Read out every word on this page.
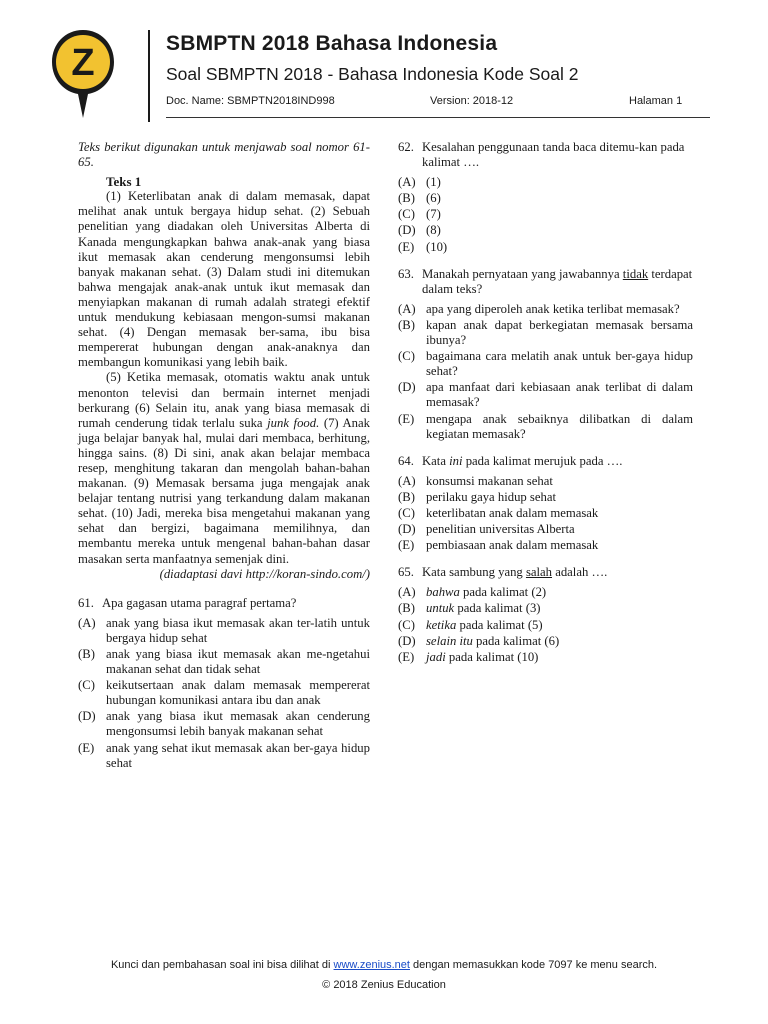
Z	SBMPTN 2018 Bahasa Indonesia
Soal SBMPTN 2018 - Bahasa Indonesia Kode Soal 2
Doc. Name: SBMPTN2018IND998	Version: 2018-12	Halaman 1

Teks berikut digunakan untuk menjawab soal nomor 61-65.

Teks 1

(1) Keterlibatan anak di dalam memasak, dapat melihat anak untuk bergaya hidup sehat. (2) Sebuah penelitian yang diadakan oleh Universitas Alberta di Kanada mengungkapkan bahwa anak-anak yang biasa ikut memasak akan cenderung mengonsumsi lebih banyak makanan sehat. (3) Dalam studi ini ditemukan bahwa mengajak anak-anak untuk ikut memasak dan menyiapkan makanan di rumah adalah strategi efektif untuk mendukung kebiasaan mengon-sumsi makanan sehat. (4) Dengan memasak ber-sama, ibu bisa mempererat hubungan dengan anak-anaknya dan membangun komunikasi yang lebih baik.

(5) Ketika memasak, otomatis waktu anak untuk menonton televisi dan bermain internet menjadi berkurang (6) Selain itu, anak yang biasa memasak di rumah cenderung tidak terlalu suka junk food. (7) Anak juga belajar banyak hal, mulai dari membaca, berhitung, hingga sains. (8) Di sini, anak akan belajar membaca resep, menghitung takaran dan mengolah bahan-bahan makanan. (9) Memasak bersama juga mengajak anak belajar tentang nutrisi yang terkandung dalam makanan sehat. (10) Jadi, mereka bisa mengetahui makanan yang sehat dan bergizi, bagaimana memilihnya, dan membantu mereka untuk mengenal bahan-bahan dasar masakan serta manfaatnya semenjak dini.

(diadaptasi davi http://koran-sindo.com/)

61. Apa gagasan utama paragraf pertama?
(A) anak yang biasa ikut memasak akan ter-latih untuk bergaya hidup sehat
(B) anak yang biasa ikut memasak akan me-ngetahui makanan sehat dan tidak sehat
(C) keikutsertaan anak dalam memasak mempererat hubungan komunikasi antara ibu dan anak
(D) anak yang biasa ikut memasak akan cenderung mengonsumsi lebih banyak makanan sehat
(E) anak yang sehat ikut memasak akan ber-gaya hidup sehat
62. Kesalahan penggunaan tanda baca ditemu-kan pada kalimat ….
(A) (1)
(B) (6)
(C) (7)
(D) (8)
(E) (10)
63. Manakah pernyataan yang jawabannya tidak terdapat dalam teks?
(A) apa yang diperoleh anak ketika terlibat memasak?
(B) kapan anak dapat berkegiatan memasak bersama ibunya?
(C) bagaimana cara melatih anak untuk ber-gaya hidup sehat?
(D) apa manfaat dari kebiasaan anak terlibat di dalam memasak?
(E) mengapa anak sebaiknya dilibatkan di dalam kegiatan memasak?
64. Kata ini pada kalimat merujuk pada ….
(A) konsumsi makanan sehat
(B) perilaku gaya hidup sehat
(C) keterlibatan anak dalam memasak
(D) penelitian universitas Alberta
(E) pembiasaan anak dalam memasak
65. Kata sambung yang salah adalah ….
(A) bahwa pada kalimat (2)
(B) untuk pada kalimat (3)
(C) ketika pada kalimat (5)
(D) selain itu pada kalimat (6)
(E) jadi pada kalimat (10)
Kunci dan pembahasan soal ini bisa dilihat di www.zenius.net dengan memasukkan kode 7097 ke menu search.
© 2018 Zenius Education
